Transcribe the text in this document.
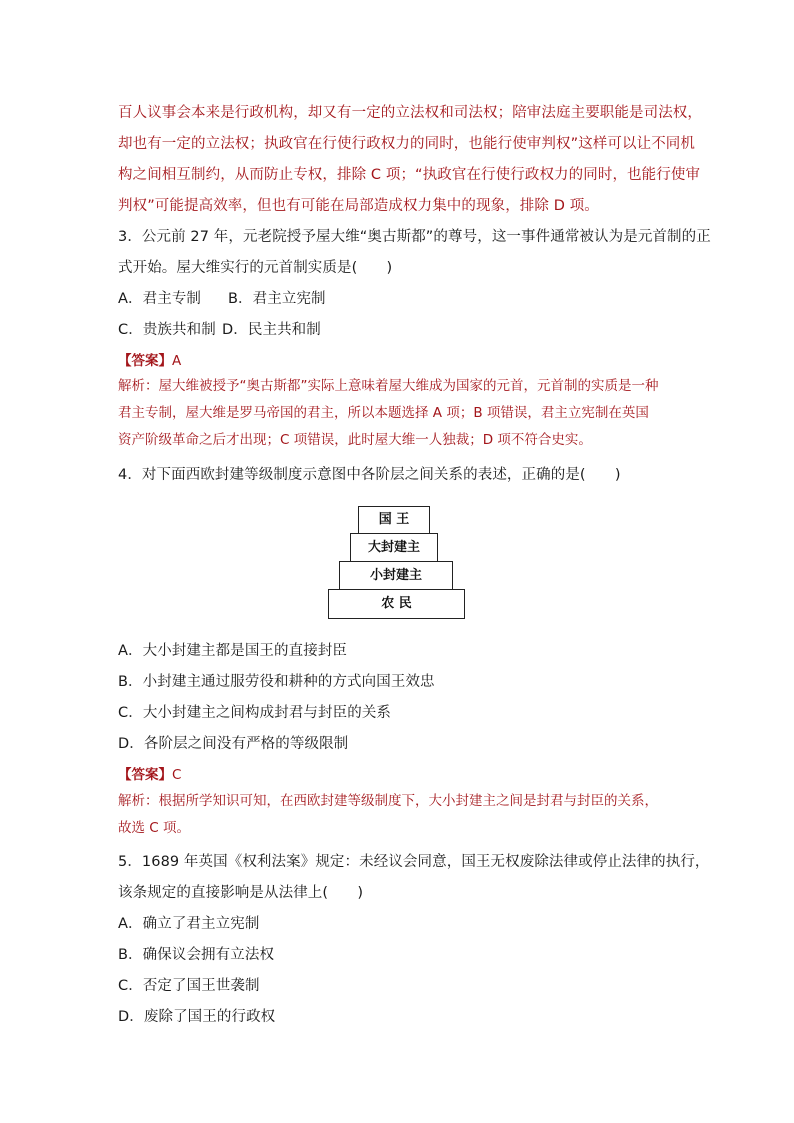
百人议事会本来是行政机构，却又有一定的立法权和司法权；陪审法庭主要职能是司法权，
却也有一定的立法权；执政官在行使行政权力的同时，也能行使审判权”这样可以让不同机
构之间相互制约，从而防止专权，排除 C 项；“执政官在行使行政权力的同时，也能行使审
判权”可能提高效率，但也有可能在局部造成权力集中的现象，排除 D 项。
3．公元前 27 年，元老院授予屋大维“奥古斯都”的尊号，这一事件通常被认为是元首制的正
式开始。屋大维实行的元首制实质是(　　)
A．君主专制	B．君主立宪制
C．贵族共和制 D．民主共和制
【答案】A
解析：屋大维被授予“奥古斯都”实际上意味着屋大维成为国家的元首，元首制的实质是一种
君主专制，屋大维是罗马帝国的君主，所以本题选择 A 项；B 项错误，君主立宪制在英国
资产阶级革命之后才出现；C 项错误，此时屋大维一人独裁；D 项不符合史实。
4．对下面西欧封建等级制度示意图中各阶层之间关系的表述，正确的是(　　)
国 王
大封建主
小封建主
农 民
A．大小封建主都是国王的直接封臣
B．小封建主通过服劳役和耕种的方式向国王效忠
C．大小封建主之间构成封君与封臣的关系
D．各阶层之间没有严格的等级限制
【答案】C
解析：根据所学知识可知，在西欧封建等级制度下，大小封建主之间是封君与封臣的关系，
故选 C 项。
5．1689 年英国《权利法案》规定：未经议会同意，国王无权废除法律或停止法律的执行，
该条规定的直接影响是从法律上(　　)
A．确立了君主立宪制
B．确保议会拥有立法权
C．否定了国王世袭制
D．废除了国王的行政权
